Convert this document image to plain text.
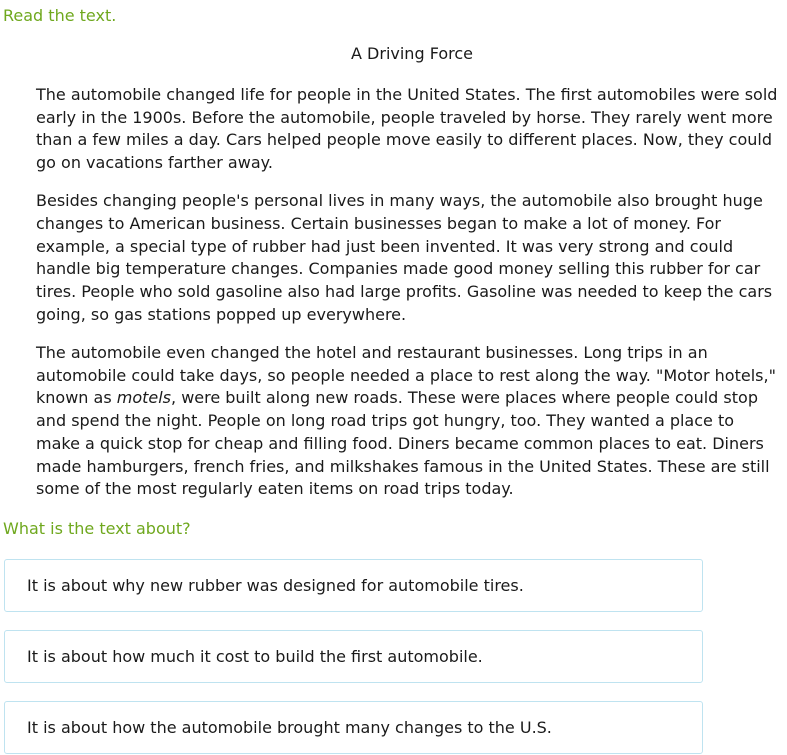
Read the text.
A Driving Force

The automobile changed life for people in the United States. The first automobiles were sold early in the 1900s. Before the automobile, people traveled by horse. They rarely went more than a few miles a day. Cars helped people move easily to different places. Now, they could go on vacations farther away.

Besides changing people's personal lives in many ways, the automobile also brought huge changes to American business. Certain businesses began to make a lot of money. For example, a special type of rubber had just been invented. It was very strong and could handle big temperature changes. Companies made good money selling this rubber for car tires. People who sold gasoline also had large profits. Gasoline was needed to keep the cars going, so gas stations popped up everywhere.

The automobile even changed the hotel and restaurant businesses. Long trips in an automobile could take days, so people needed a place to rest along the way. "Motor hotels," known as motels, were built along new roads. These were places where people could stop and spend the night. People on long road trips got hungry, too. They wanted a place to make a quick stop for cheap and filling food. Diners became common places to eat. Diners made hamburgers, french fries, and milkshakes famous in the United States. These are still some of the most regularly eaten items on road trips today.

What is the text about?
It is about why new rubber was designed for automobile tires.
It is about how much it cost to build the first automobile.
It is about how the automobile brought many changes to the U.S.
